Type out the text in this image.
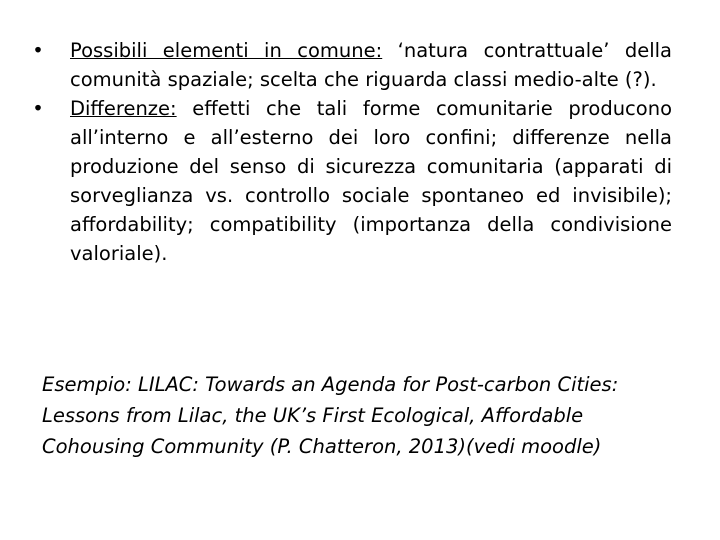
• Possibili elementi in comune: ‘natura contrattuale’ della comunità spaziale; scelta che riguarda classi medio-alte (?).
• Differenze: effetti che tali forme comunitarie producono all’interno e all’esterno dei loro confini; differenze nella produzione del senso di sicurezza comunitaria (apparati di sorveglianza vs. controllo sociale spontaneo ed invisibile); affordability; compatibility (importanza della condivisione valoriale).

Esempio: LILAC: Towards an Agenda for Post-carbon Cities: Lessons from Lilac, the UK’s First Ecological, Affordable Cohousing Community (P. Chatteron, 2013)(vedi moodle)
